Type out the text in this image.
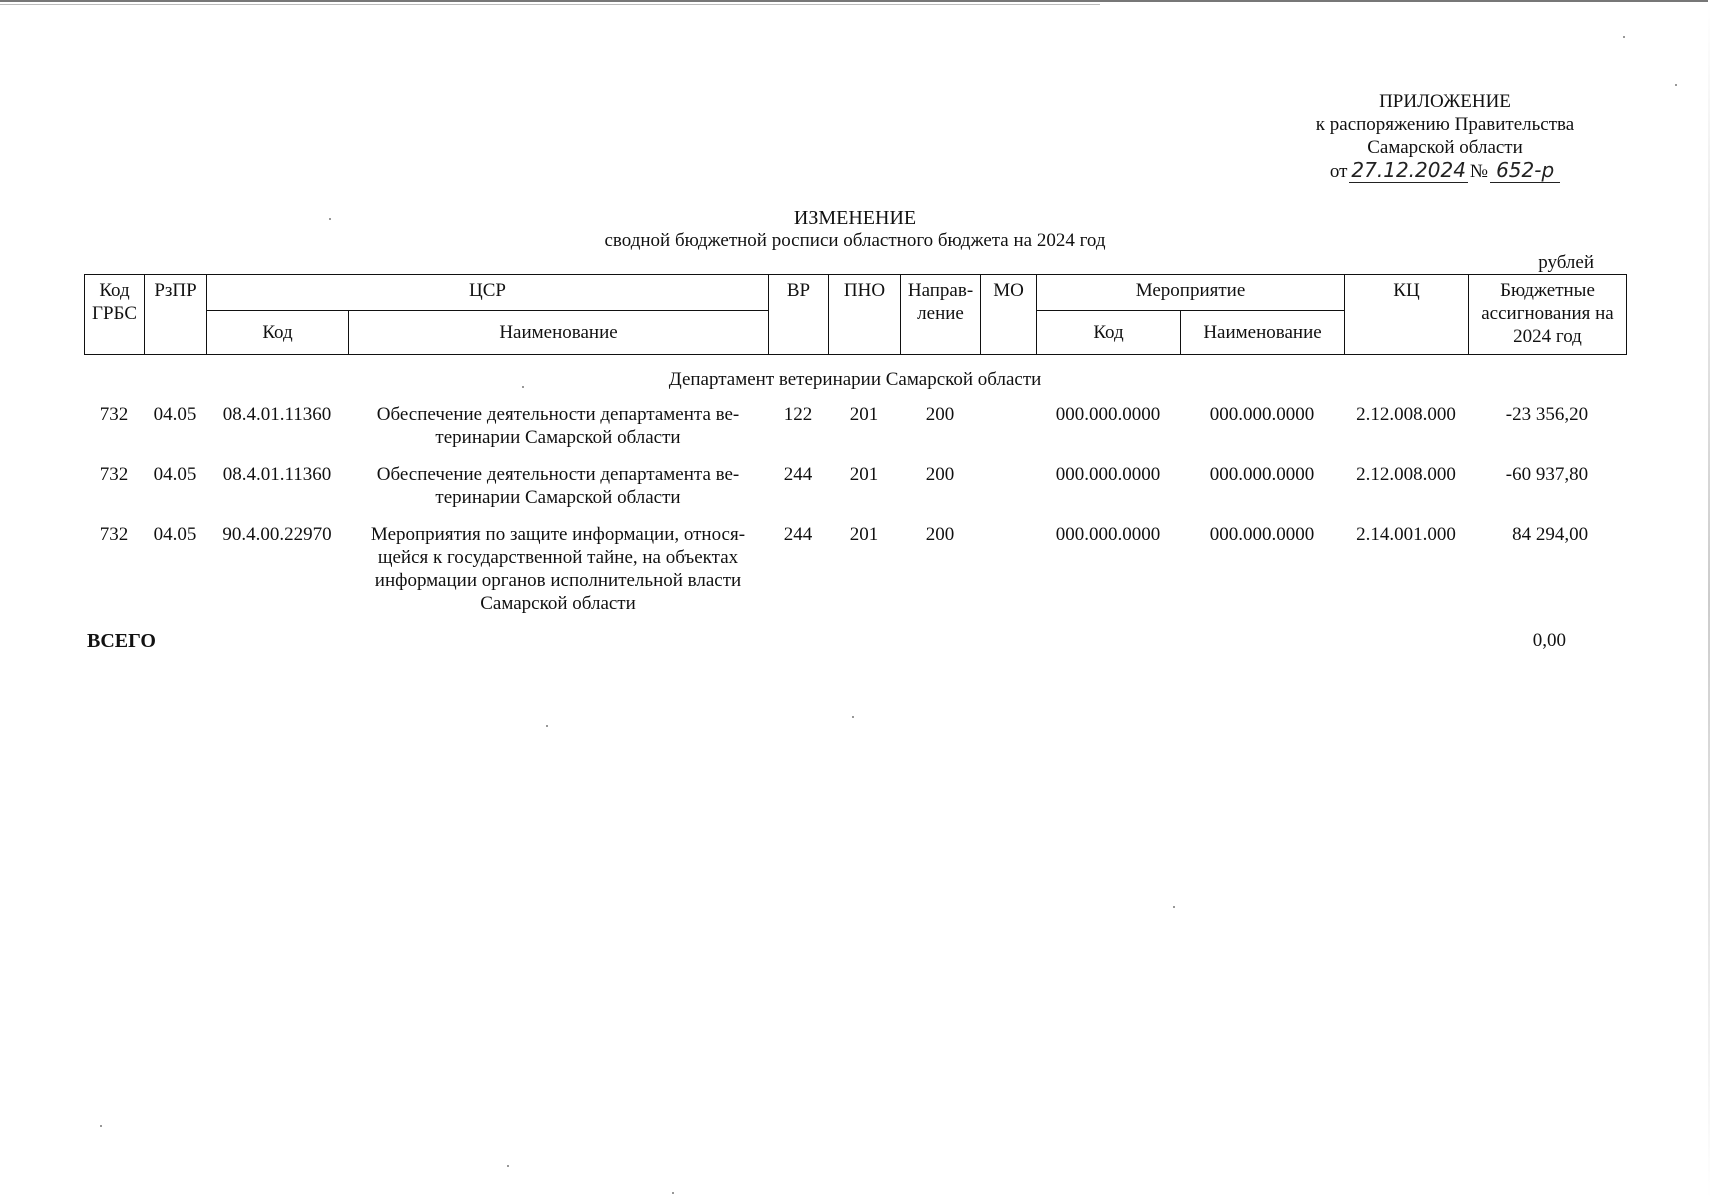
ПРИЛОЖЕНИЕ
к распоряжению Правительства
Самарской области
от 27.12.2024 № 652-р
ИЗМЕНЕНИЕ
сводной бюджетной росписи областного бюджета на 2024 год
рублей
Код ГРБС	РзПР	ЦСР		ВР	ПНО	Направ-ление	МО	Мероприятие		КЦ	Бюджетные ассигнования на 2024 год
		Код	Наименование					Код	Наименование		
Департамент ветеринарии Самарской области											
732	04.05	08.4.01.11360	Обеспечение деятельности департамента ве-теринарии Самарской области	122	201	200		000.000.0000	000.000.0000	2.12.008.000	-23 356,20
732	04.05	08.4.01.11360	Обеспечение деятельности департамента ве-теринарии Самарской области	244	201	200		000.000.0000	000.000.0000	2.12.008.000	-60 937,80
732	04.05	90.4.00.22970	Мероприятия по защите информации, относя-щейся к государственной тайне, на объектах информации органов исполнительной власти Самарской области	244	201	200		000.000.0000	000.000.0000	2.14.001.000	84 294,00
ВСЕГО	0,00
